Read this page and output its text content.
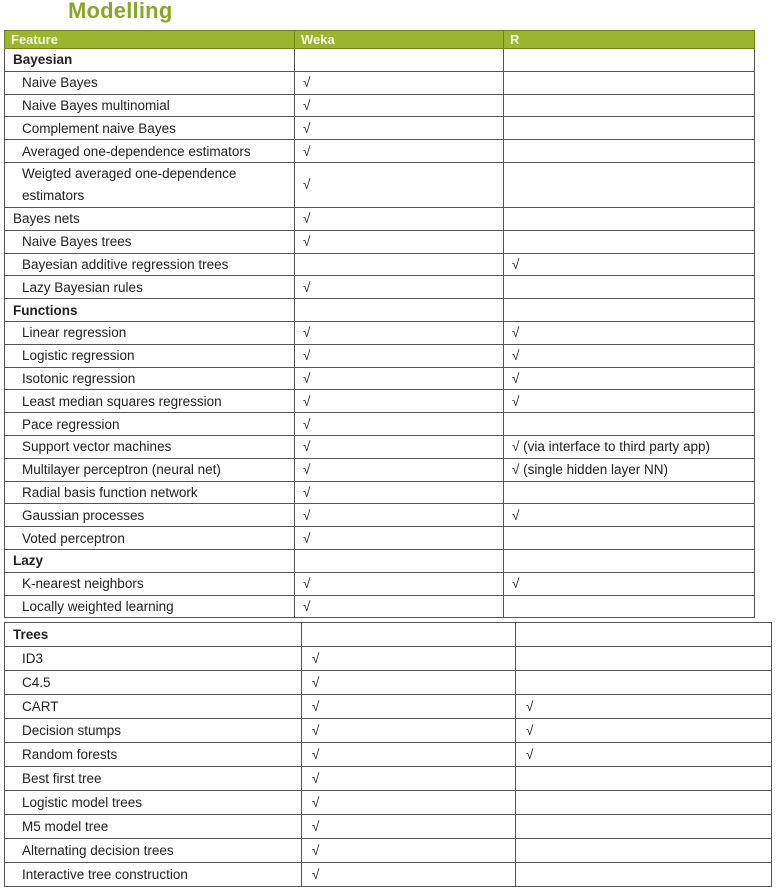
Modelling
Feature	Weka	R
Bayesian		
Naive Bayes	√	
Naive Bayes multinomial	√	
Complement naive Bayes	√	
Averaged one-dependence estimators	√	
Weigted averaged one-dependence estimators	√	
Bayes nets	√	
Naive Bayes trees	√	
Bayesian additive regression trees		√
Lazy Bayesian rules	√	
Functions		
Linear regression	√	√
Logistic regression	√	√
Isotonic regression	√	√
Least median squares regression	√	√
Pace regression	√	
Support vector machines	√	√ (via interface to third party app)
Multilayer perceptron (neural net)	√	√ (single hidden layer NN)
Radial basis function network	√	
Gaussian processes	√	√
Voted perceptron	√	
Lazy		
K-nearest neighbors	√	√
Locally weighted learning	√	
Trees		
ID3	√	
C4.5	√	
CART	√	√
Decision stumps	√	√
Random forests	√	√
Best first tree	√	
Logistic model trees	√	
M5 model tree	√	
Alternating decision trees	√	
Interactive tree construction	√	
